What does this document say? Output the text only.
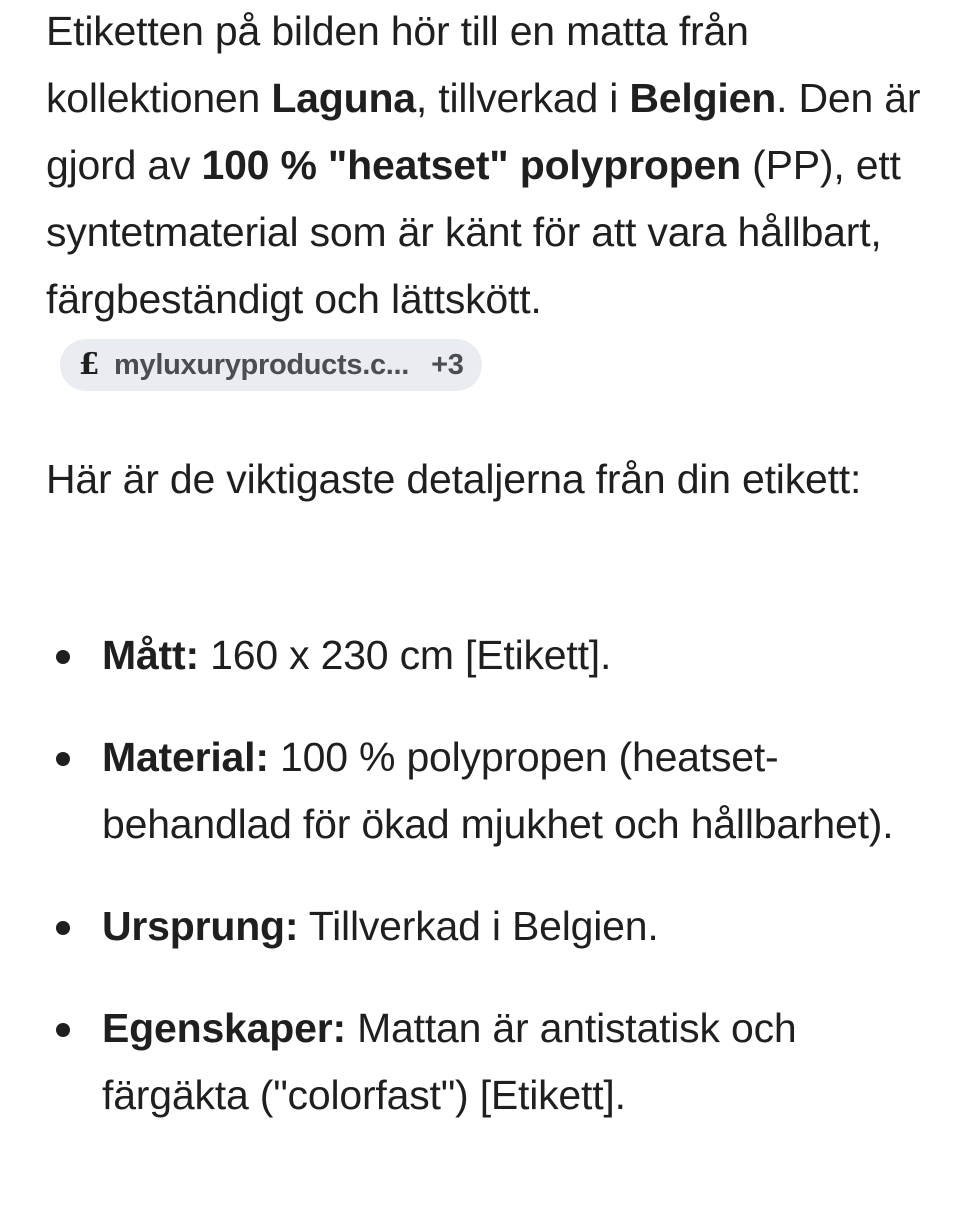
Etiketten på bilden hör till en matta från kollektionen Laguna, tillverkad i Belgien. Den är gjord av 100 % "heatset" polypropen (PP), ett syntetmaterial som är känt för att vara hållbart, färgbeständigt och lättskött.
£ myluxuryproducts.c... +3

Här är de viktigaste detaljerna från din etikett:

Mått: 160 x 230 cm [Etikett].
Material: 100 % polypropen (heatset-behandlad för ökad mjukhet och hållbarhet).
Ursprung: Tillverkad i Belgien.
Egenskaper: Mattan är antistatisk och färgäkta ("colorfast") [Etikett].
